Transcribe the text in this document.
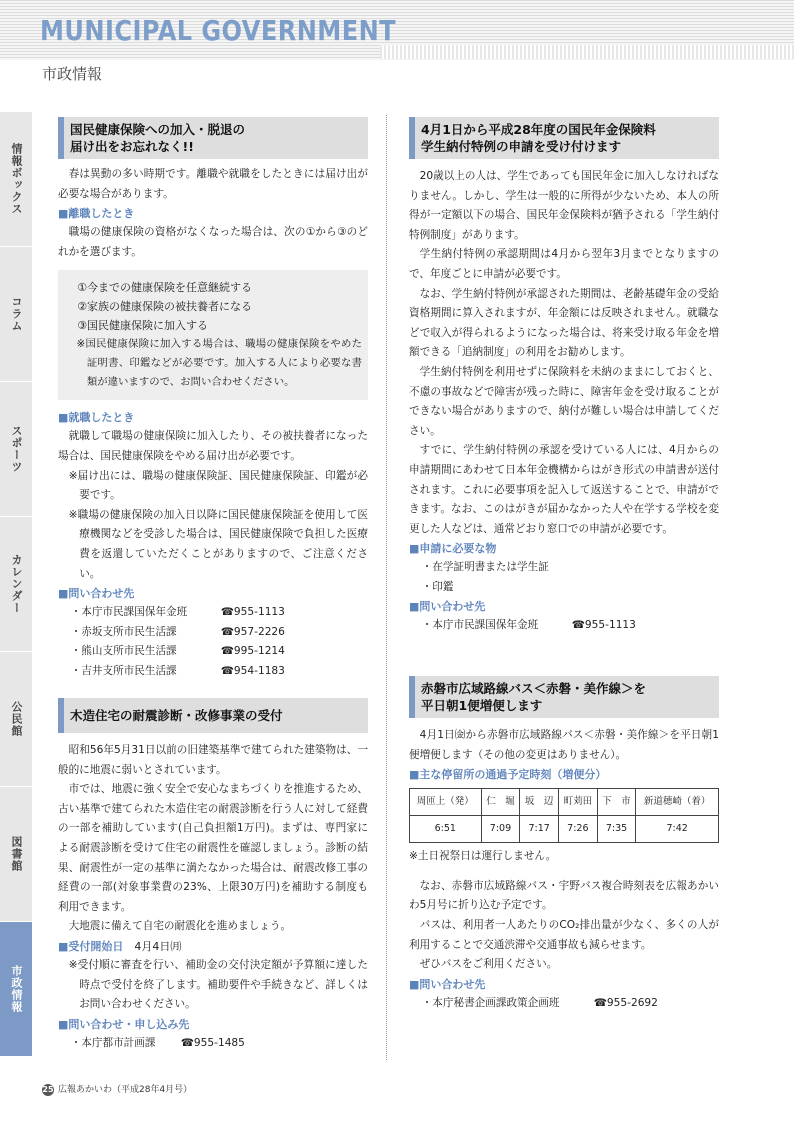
MUNICIPAL GOVERNMENT
市政情報
情報ボックス
コラム
スポーツ
カレンダー
公民館
図書館
市政情報
国民健康保険への加入・脱退の
届け出をお忘れなく!!

春は異動の多い時期です。離職や就職をしたときには届け出が必要な場合があります。

■ 離職したとき

職場の健康保険の資格がなくなった場合は、次の①から③のどれかを選びます。

①今までの健康保険を任意継続する

②家族の健康保険の被扶養者になる

③国民健康保険に加入する

※国民健康保険に加入する場合は、職場の健康保険をやめた証明書、印鑑などが必要です。加入する人により必要な書類が違いますので、お問い合わせください。

■ 就職したとき

就職して職場の健康保険に加入したり、その被扶養者になった場合は、国民健康保険をやめる届け出が必要です。

※届け出には、職場の健康保険証、国民健康保険証、印鑑が必要です。

※職場の健康保険の加入日以降に国民健康保険証を使用して医療機関などを受診した場合は、国民健康保険で負担した医療費を返還していただくことがありますので、ご注意ください。

■ 問い合わせ先

・本庁市民課国保年金班	☎955-1113

・赤坂支所市民生活課	☎957-2226

・熊山支所市民生活課	☎995-1214

・吉井支所市民生活課	☎954-1183

木造住宅の耐震診断・改修事業の受付

昭和56年5月31日以前の旧建築基準で建てられた建築物は、一般的に地震に弱いとされています。

市では、地震に強く安全で安心なまちづくりを推進するため、古い基準で建てられた木造住宅の耐震診断を行う人に対して経費の一部を補助しています(自己負担額1万円)。まずは、専門家による耐震診断を受けて住宅の耐震性を確認しましょう。診断の結果、耐震性が一定の基準に満たなかった場合は、耐震改修工事の経費の一部(対象事業費の23%、上限30万円)を補助する制度も利用できます。

大地震に備えて自宅の耐震化を進めましょう。

■ 受付開始日　 4月4日㈪

※受付順に審査を行い、補助金の交付決定額が予算額に達した時点で受付を終了します。補助要件や手続きなど、詳しくはお問い合わせください。

■ 問い合わせ・申し込み先

・本庁都市計画課 ☎955-1485

4月1日から平成28年度の国民年金保険料
学生納付特例の申請を受け付けます

20歳以上の人は、学生であっても国民年金に加入しなければなりません。しかし、学生は一般的に所得が少ないため、本人の所得が一定額以下の場合、国民年金保険料が猶予される「学生納付特例制度」があります。

学生納付特例の承認期間は4月から翌年3月までとなりますので、年度ごとに申請が必要です。

なお、学生納付特例が承認された期間は、老齢基礎年金の受給資格期間に算入されますが、年金額には反映されません。就職などで収入が得られるようになった場合は、将来受け取る年金を増額できる「追納制度」の利用をお勧めします。

学生納付特例を利用せずに保険料を未納のままにしておくと、不慮の事故などで障害が残った時に、障害年金を受け取ることができない場合がありますので、納付が難しい場合は申請してください。

すでに、学生納付特例の承認を受けている人には、4月からの申請期間にあわせて日本年金機構からはがき形式の申請書が送付されます。これに必要事項を記入して返送することで、申請ができます。なお、このはがきが届かなかった人や在学する学校を変更した人などは、通常どおり窓口での申請が必要です。

■ 申請に必要な物

・在学証明書または学生証

・印鑑

■ 問い合わせ先

・本庁市民課国保年金班	☎955-1113

赤磐市広域路線バス＜赤磐・美作線＞を
平日朝1便増便します

4月1日㈮から赤磐市広域路線バス＜赤磐・美作線＞を平日朝1便増便します（その他の変更はありません）。

■ 主な停留所の通過予定時刻（増便分）

周匝上（発）	仁　堀	坂　辺	町苅田	下　市	新道穂崎（着）
6:51	7:09	7:17	7:26	7:35	7:42

※土日祝祭日は運行しません。

なお、赤磐市広域路線バス・宇野バス複合時刻表を広報あかいわ5月号に折り込む予定です。

バスは、利用者一人あたりのCO₂排出量が少なく、多くの人が利用することで交通渋滞や交通事故も減らせます。

ぜひバスをご利用ください。

■ 問い合わせ先

・本庁秘書企画課政策企画班	☎955-2692

25 広報あかいわ（平成28年4月号）
